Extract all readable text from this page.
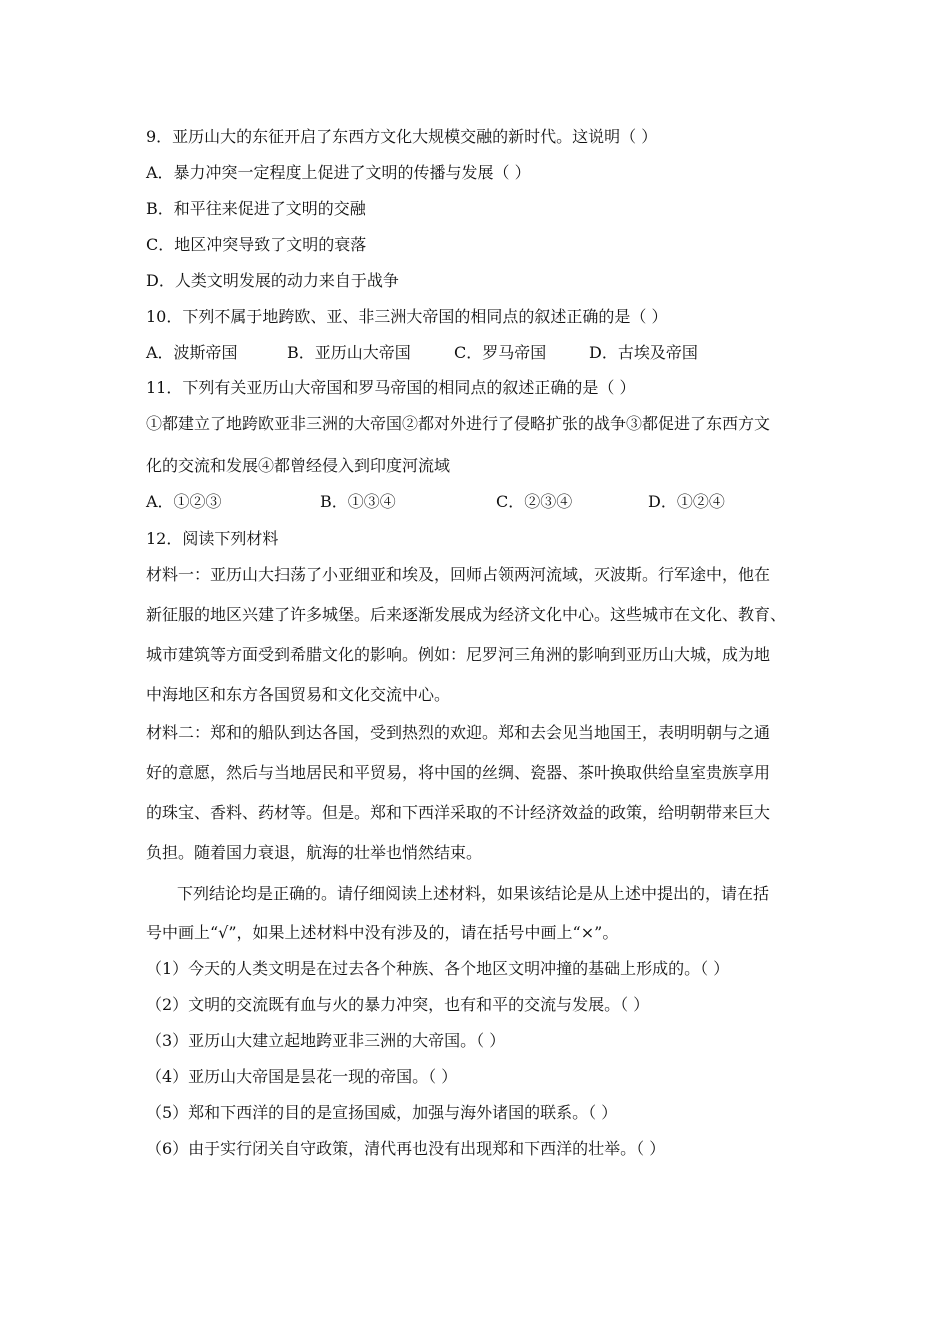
9．亚历山大的东征开启了东西方文化大规模交融的新时代。这说明（ ）
A．暴力冲突一定程度上促进了文明的传播与发展（ ）
B．和平往来促进了文明的交融
C．地区冲突导致了文明的衰落
D．人类文明发展的动力来自于战争
10．下列不属于地跨欧、亚、非三洲大帝国的相同点的叙述正确的是（ ）
A．波斯帝国	B．亚历山大帝国	C．罗马帝国	D．古埃及帝国
11．下列有关亚历山大帝国和罗马帝国的相同点的叙述正确的是（ ）
①都建立了地跨欧亚非三洲的大帝国②都对外进行了侵略扩张的战争③都促进了东西方文
化的交流和发展④都曾经侵入到印度河流域
A．①②③	B．①③④	C．②③④	D．①②④
12．阅读下列材料
材料一：亚历山大扫荡了小亚细亚和埃及，回师占领两河流域，灭波斯。行军途中，他在
新征服的地区兴建了许多城堡。后来逐渐发展成为经济文化中心。这些城市在文化、教育、
城市建筑等方面受到希腊文化的影响。例如：尼罗河三角洲的影响到亚历山大城，成为地
中海地区和东方各国贸易和文化交流中心。
材料二：郑和的船队到达各国，受到热烈的欢迎。郑和去会见当地国王，表明明朝与之通
好的意愿，然后与当地居民和平贸易，将中国的丝绸、瓷器、茶叶换取供给皇室贵族享用
的珠宝、香料、药材等。但是。郑和下西洋采取的不计经济效益的政策，给明朝带来巨大
负担。随着国力衰退，航海的壮举也悄然结束。
下列结论均是正确的。请仔细阅读上述材料，如果该结论是从上述中提出的，请在括
号中画上“√”，如果上述材料中没有涉及的，请在括号中画上“×”。
（1）今天的人类文明是在过去各个种族、各个地区文明冲撞的基础上形成的。（ ）
（2）文明的交流既有血与火的暴力冲突，也有和平的交流与发展。（ ）
（3）亚历山大建立起地跨亚非三洲的大帝国。（ ）
（4）亚历山大帝国是昙花一现的帝国。（ ）
（5）郑和下西洋的目的是宣扬国威，加强与海外诸国的联系。（ ）
（6）由于实行闭关自守政策，清代再也没有出现郑和下西洋的壮举。（ ）
